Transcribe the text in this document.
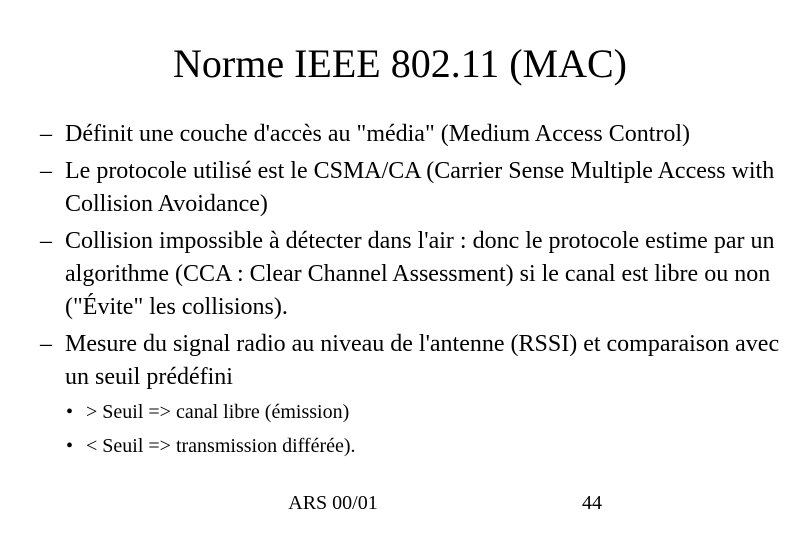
Norme IEEE 802.11 (MAC)
– Définit une couche d'accès au "média" (Medium Access Control)
– Le protocole utilisé est le CSMA/CA (Carrier Sense Multiple Access with Collision Avoidance)
– Collision impossible à détecter dans l'air : donc le protocole estime par un algorithme (CCA : Clear Channel Assessment) si le canal est libre ou non ("Évite" les collisions).
– Mesure du signal radio au niveau de l'antenne (RSSI) et comparaison avec un seuil prédéfini
• > Seuil => canal libre (émission)
• < Seuil => transmission différée).
ARS 00/01	44
